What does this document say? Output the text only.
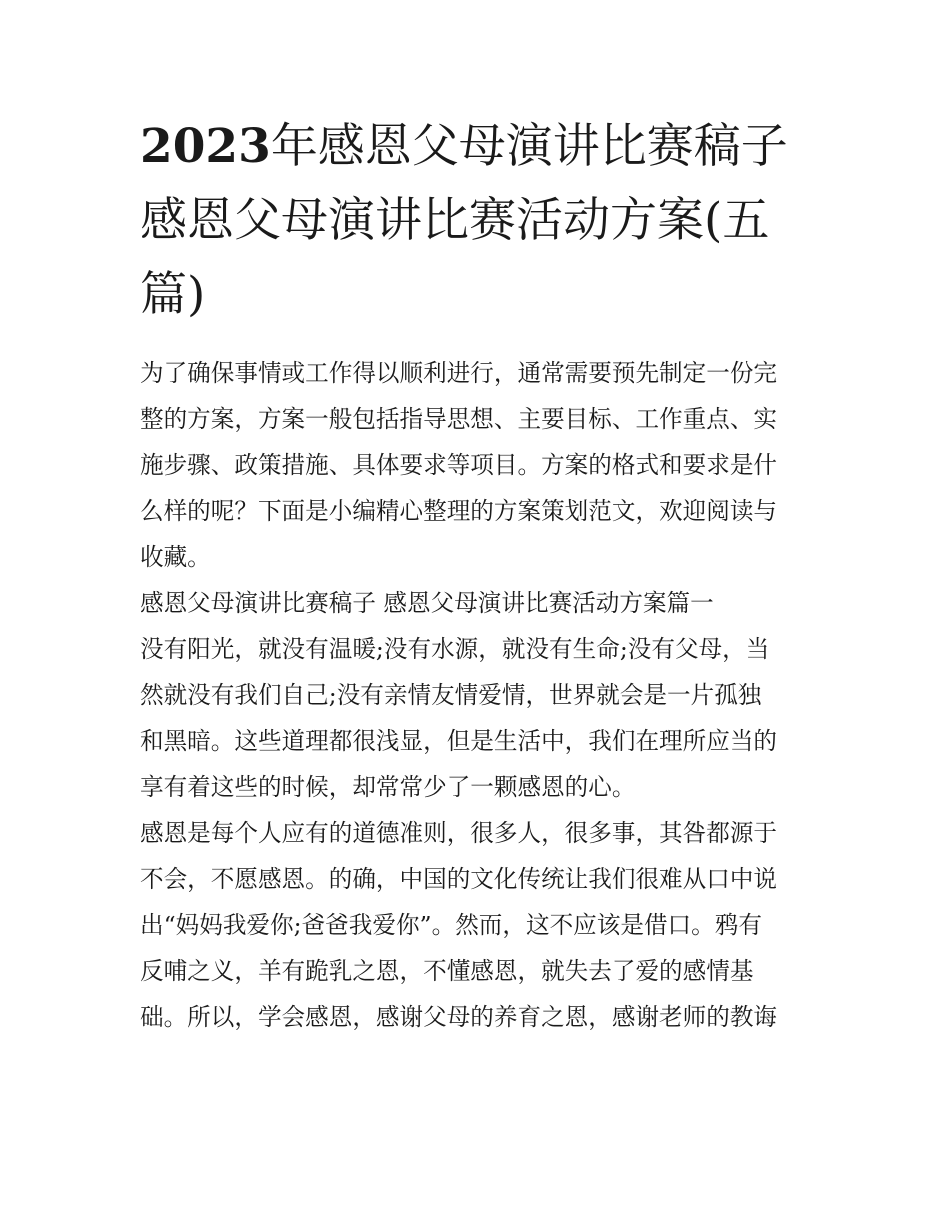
2023年感恩父母演讲比赛稿子
感恩父母演讲比赛活动方案(五
篇)

为了确保事情或工作得以顺利进行，通常需要预先制定一份完
整的方案，方案一般包括指导思想、主要目标、工作重点、实
施步骤、政策措施、具体要求等项目。方案的格式和要求是什
么样的呢？下面是小编精心整理的方案策划范文，欢迎阅读与
收藏。

感恩父母演讲比赛稿子 感恩父母演讲比赛活动方案篇一

没有阳光，就没有温暖;没有水源，就没有生命;没有父母，当
然就没有我们自己;没有亲情友情爱情，世界就会是一片孤独
和黑暗。这些道理都很浅显，但是生活中，我们在理所应当的
享有着这些的时候，却常常少了一颗感恩的心。

感恩是每个人应有的道德准则，很多人，很多事，其咎都源于
不会，不愿感恩。的确，中国的文化传统让我们很难从口中说
出“妈妈我爱你;爸爸我爱你”。然而，这不应该是借口。鸦有
反哺之义，羊有跪乳之恩，不懂感恩，就失去了爱的感情基
础。所以，学会感恩，感谢父母的养育之恩，感谢老师的教诲
